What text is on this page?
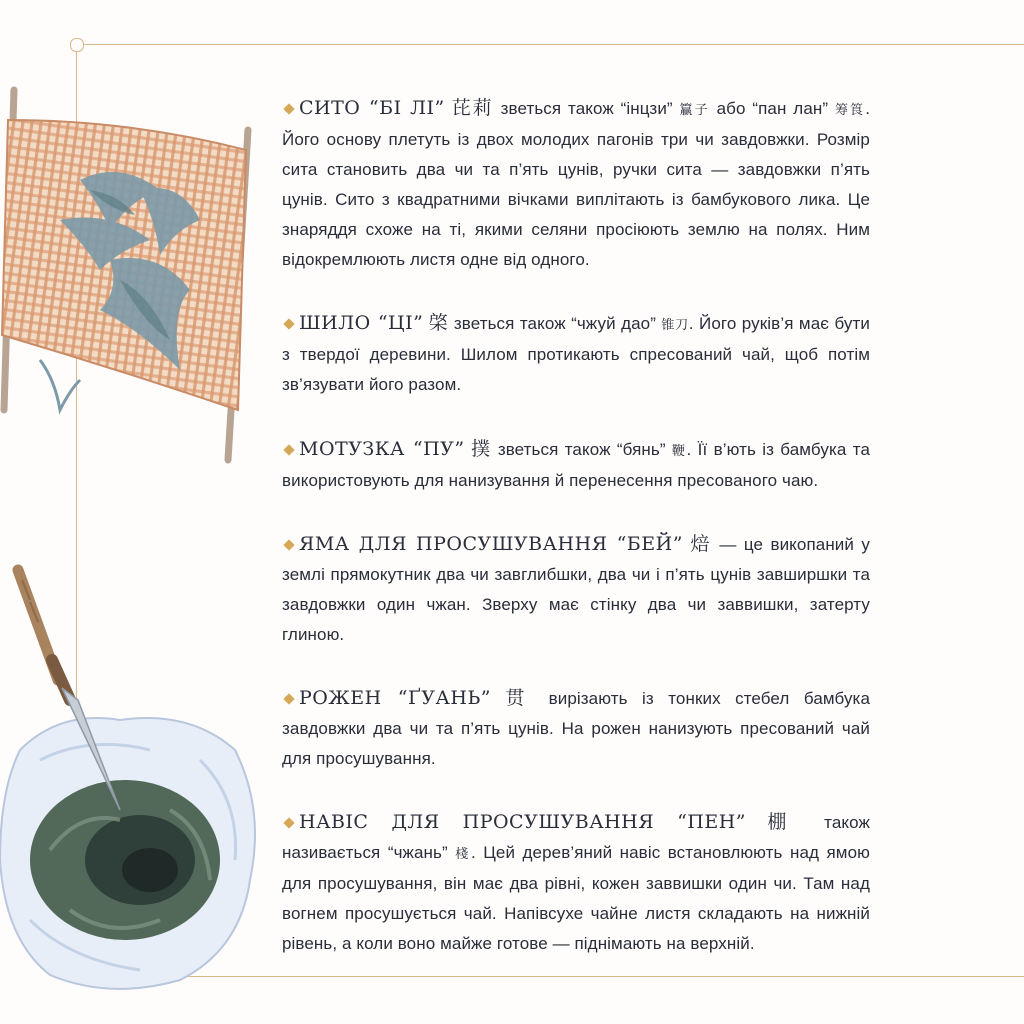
СИТО “БІ ЛІ” 芘莉 зветься також “інцзи” 籯子 або “пан лан” 筹筤. Його основу плетуть із двох молодих пагонів три чи завдовжки. Розмір сита становить два чи та п’ять цунів, ручки сита — завдовжки п’ять цунів. Сито з квадратними вічками виплітають із бамбукового лика. Це знаряддя схоже на ті, якими селяни просіюють землю на полях. Ним відокремлюють листя одне від одного.

ШИЛО “ЦІ” 棨 зветься також “чжуй дао” 锥刀. Його руків’я має бути з твердої деревини. Шилом протикають спресований чай, щоб потім зв’язувати його разом.

МОТУЗКА “ПУ” 撲 зветься також “бянь” 鞭. Її в’ють із бамбука та використовують для нанизування й перенесення пресованого чаю.

ЯМА ДЛЯ ПРОСУШУВАННЯ “БЕЙ” 焙 — це викопаний у землі прямокутник два чи завглибшки, два чи і п’ять цунів завширшки та завдовжки один чжан. Зверху має стінку два чи заввишки, затерту глиною.

РОЖЕН “ҐУАНЬ” 贯 вирізають із тонких стебел бамбука завдовжки два чи та п’ять цунів. На рожен нанизують пресований чай для просушування.

НАВІС ДЛЯ ПРОСУШУВАННЯ “ПЕН” 棚 також називається “чжань” 棧. Цей дерев’яний навіс встановлюють над ямою для просушування, він має два рівні, кожен заввишки один чи. Там над вогнем просушується чай. Напівсухе чайне листя складають на нижній рівень, а коли воно майже готове — піднімають на верхній.
